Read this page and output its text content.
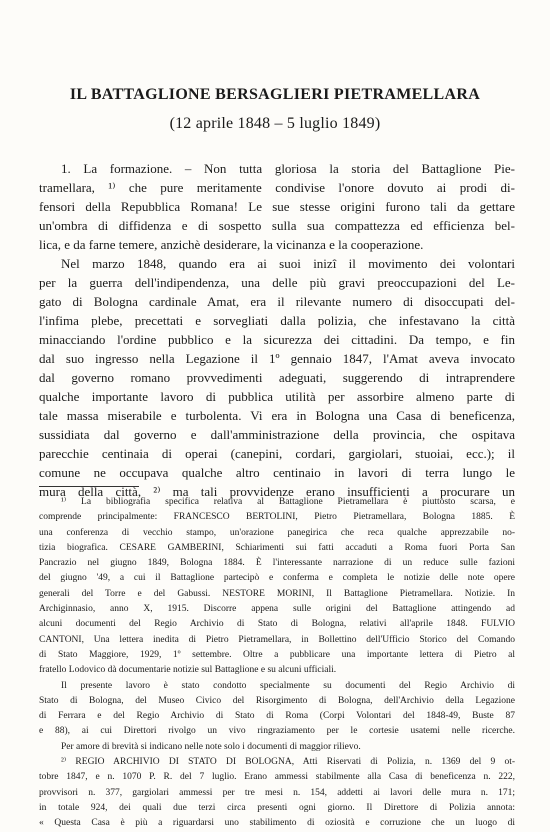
IL BATTAGLIONE BERSAGLIERI PIETRAMELLARA
(12 aprile 1848 – 5 luglio 1849)
1. La formazione. – Non tutta gloriosa la storia del Battaglione Pie-
tramellara, ¹⁾ che pure meritamente condivise l'onore dovuto ai prodi di-
fensori della Repubblica Romana! Le sue stesse origini furono tali da gettare
un'ombra di diffidenza e di sospetto sulla sua compattezza ed efficienza bel-
lica, e da farne temere, anzichè desiderare, la vicinanza e la cooperazione.
Nel marzo 1848, quando era ai suoi inizî il movimento dei volontari
per la guerra dell'indipendenza, una delle più gravi preoccupazioni del Le-
gato di Bologna cardinale Amat, era il rilevante numero di disoccupati del-
l'infima plebe, precettati e sorvegliati dalla polizia, che infestavano la città
minacciando l'ordine pubblico e la sicurezza dei cittadini. Da tempo, e fin
dal suo ingresso nella Legazione il 1º gennaio 1847, l'Amat aveva invocato
dal governo romano provvedimenti adeguati, suggerendo di intraprendere
qualche importante lavoro di pubblica utilità per assorbire almeno parte di
tale massa miserabile e turbolenta. Vi era in Bologna una Casa di beneficenza,
sussidiata dal governo e dall'amministrazione della provincia, che ospitava
parecchie centinaia di operai (canepini, cordari, gargiolari, stuoiai, ecc.); il
comune ne occupava qualche altro centinaio in lavori di terra lungo le
mura della città, ²⁾ ma tali provvidenze erano insufficienti a procurare un
¹⁾ La bibliografia specifica relativa al Battaglione Pietramellara è piuttosto scarsa, e
comprende principalmente: FRANCESCO BERTOLINI, Pietro Pietramellara, Bologna 1885. È
una conferenza di vecchio stampo, un'orazione panegirica che reca qualche apprezzabile no-
tizia biografica. CESARE GAMBERINI, Schiarimenti sui fatti accaduti a Roma fuori Porta San
Pancrazio nel giugno 1849, Bologna 1884. È l'interessante narrazione di un reduce sulle fazioni
del giugno '49, a cui il Battaglione partecipò e conferma e completa le notizie delle note opere
generali del Torre e del Gabussi. NESTORE MORINI, Il Battaglione Pietramellara. Notizie. In
Archiginnasio, anno X, 1915. Discorre appena sulle origini del Battaglione attingendo ad
alcuni documenti del Regio Archivio di Stato di Bologna, relativi all'aprile 1848. FULVIO
CANTONI, Una lettera inedita di Pietro Pietramellara, in Bollettino dell'Ufficio Storico del Comando
di Stato Maggiore, 1929, 1º settembre. Oltre a pubblicare una importante lettera di Pietro al
fratello Lodovico dà documentarie notizie sul Battaglione e su alcuni ufficiali.
Il presente lavoro è stato condotto specialmente su documenti del Regio Archivio di
Stato di Bologna, del Museo Civico del Risorgimento di Bologna, dell'Archivio della Legazione
di Ferrara e del Regio Archivio di Stato di Roma (Corpi Volontari del 1848-49, Buste 87
e 88), ai cui Direttori rivolgo un vivo ringraziamento per le cortesie usatemi nelle ricerche.
Per amore di brevità si indicano nelle note solo i documenti di maggior rilievo.
²⁾ REGIO ARCHIVIO DI STATO DI BOLOGNA, Atti Riservati di Polizia, n. 1369 del 9 ot-
tobre 1847, e n. 1070 P. R. del 7 luglio. Erano ammessi stabilmente alla Casa di beneficenza n. 222,
provvisori n. 377, gargiolari ammessi per tre mesi n. 154, addetti ai lavori delle mura n. 171;
in totale 924, dei quali due terzi circa presenti ogni giorno. Il Direttore di Polizia annota:
« Questa Casa è più a riguardarsi uno stabilimento di oziosità e corruzione che un luogo di
